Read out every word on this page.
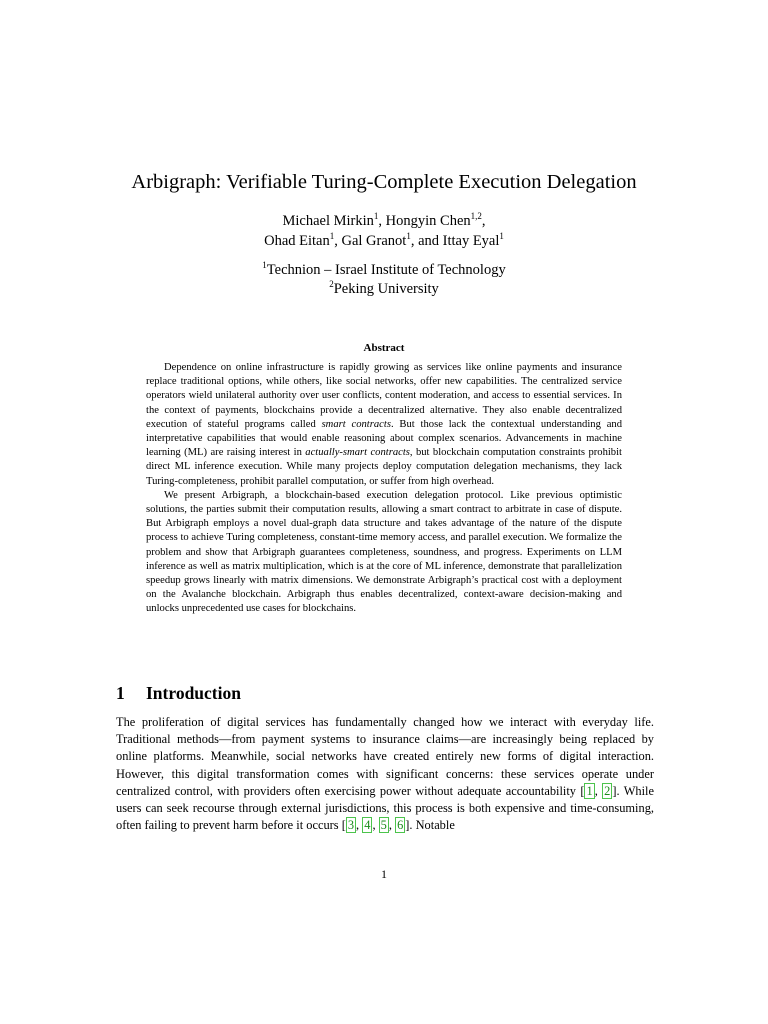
Arbigraph: Verifiable Turing-Complete Execution Delegation
Michael Mirkin$^1$, Hongyin Chen$^{1,2}$,
Ohad Eitan$^1$, Gal Granot$^1$, and Ittay Eyal$^1$
$^1$Technion – Israel Institute of Technology
$^2$Peking University
Abstract

Dependence on online infrastructure is rapidly growing as services like online payments and insurance replace traditional options, while others, like social networks, offer new capabilities. The centralized service operators wield unilateral authority over user conflicts, content moderation, and access to essential services. In the context of payments, blockchains provide a decentralized alternative. They also enable decentralized execution of stateful programs called smart contracts. But those lack the contextual understanding and interpretative capabilities that would enable reasoning about complex scenarios. Advancements in machine learning (ML) are raising interest in actually-smart contracts, but blockchain computation constraints prohibit direct ML inference execution. While many projects deploy computation delegation mechanisms, they lack Turing-completeness, prohibit parallel computation, or suffer from high overhead.

We present Arbigraph, a blockchain-based execution delegation protocol. Like previous optimistic solutions, the parties submit their computation results, allowing a smart contract to arbitrate in case of dispute. But Arbigraph employs a novel dual-graph data structure and takes advantage of the nature of the dispute process to achieve Turing completeness, constant-time memory access, and parallel execution. We formalize the problem and show that Arbigraph guarantees completeness, soundness, and progress. Experiments on LLM inference as well as matrix multiplication, which is at the core of ML inference, demonstrate that parallelization speedup grows linearly with matrix dimensions. We demonstrate Arbigraph’s practical cost with a deployment on the Avalanche blockchain. Arbigraph thus enables decentralized, context-aware decision-making and unlocks unprecedented use cases for blockchains.

1 Introduction

The proliferation of digital services has fundamentally changed how we interact with everyday life. Traditional methods—from payment systems to insurance claims—are increasingly being replaced by online platforms. Meanwhile, social networks have created entirely new forms of digital interaction. However, this digital transformation comes with significant concerns: these services operate under centralized control, with providers often exercising power without adequate accountability [ 1 , 2 ]. While users can seek recourse through external jurisdictions, this process is both expensive and time-consuming, often failing to prevent harm before it occurs [ 3 , 4 , 5 , 6 ]. Notable

1
